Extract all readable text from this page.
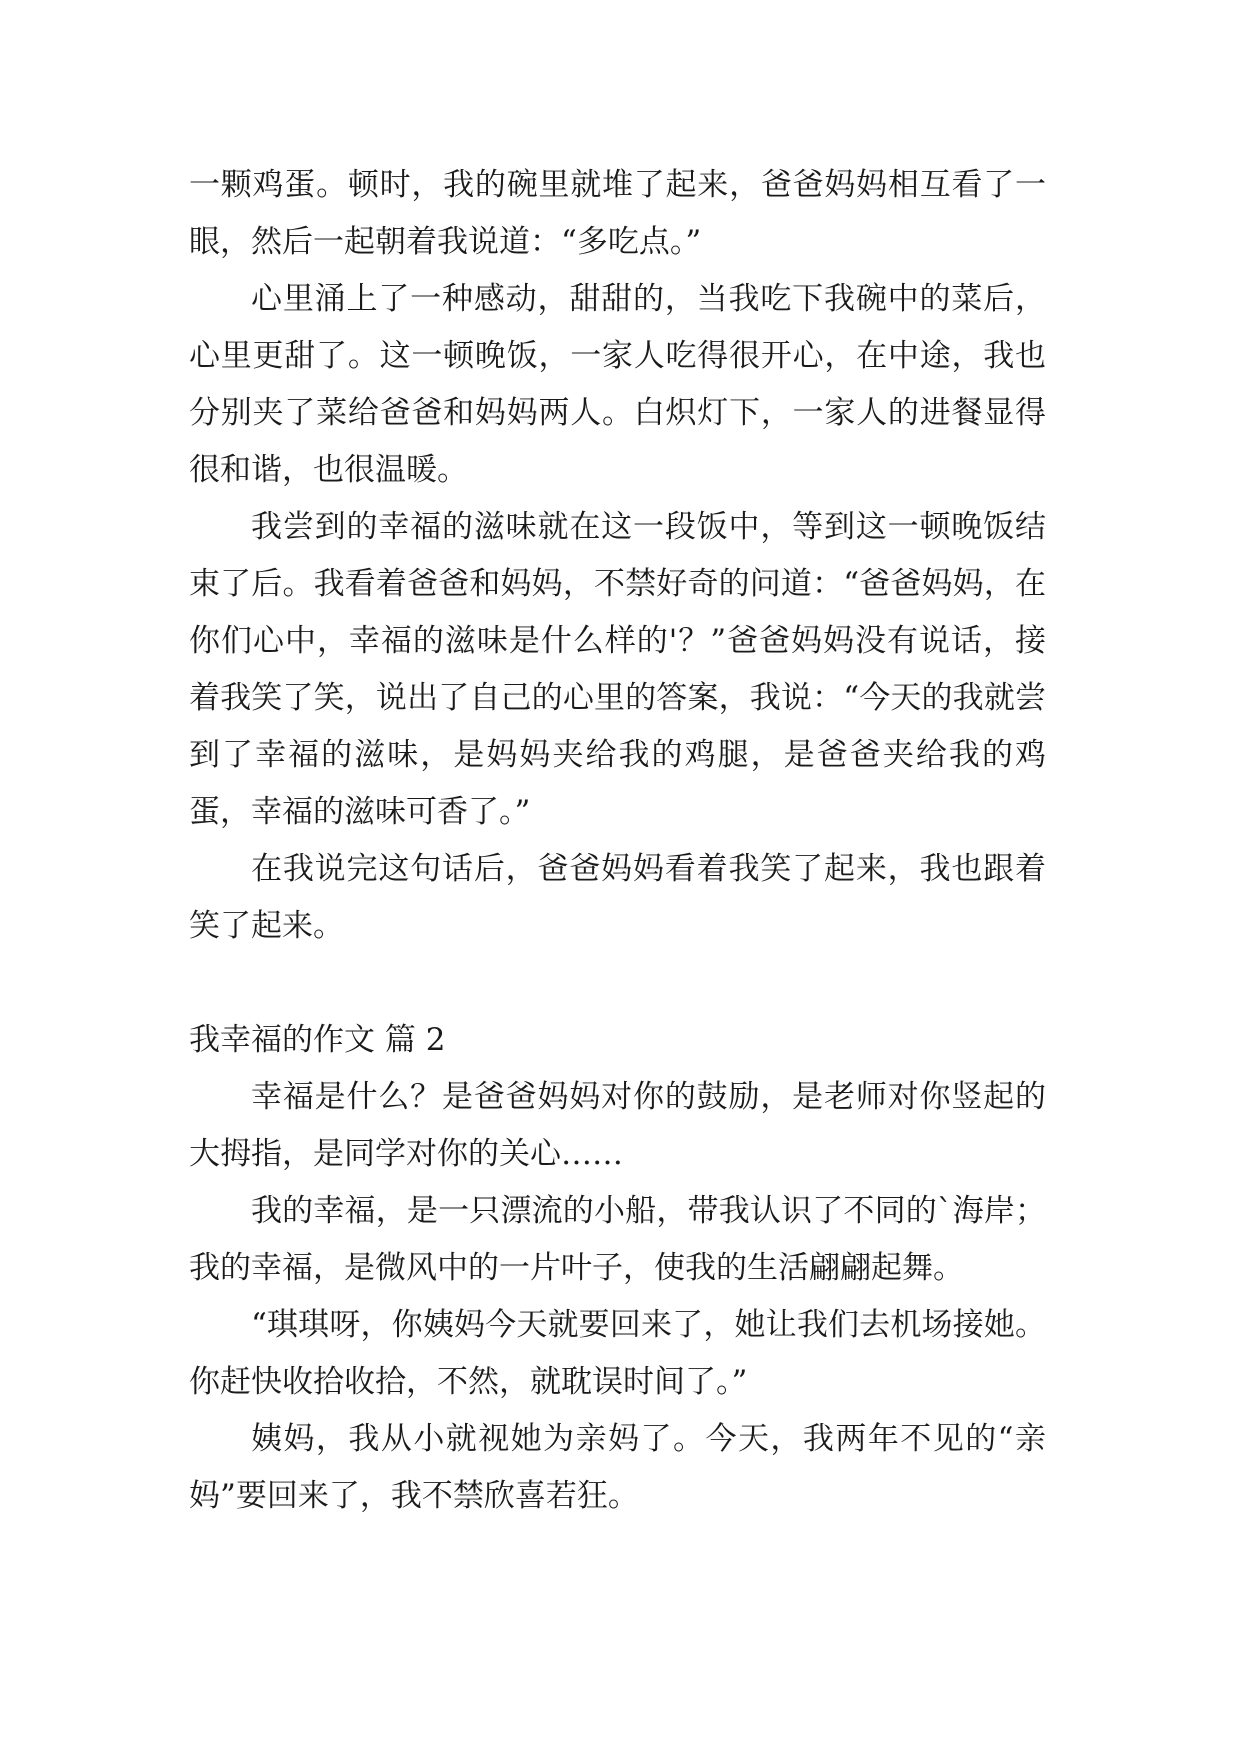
一颗鸡蛋。顿时，我的碗里就堆了起来，爸爸妈妈相互看了一眼，然后一起朝着我说道：“多吃点。”

心里涌上了一种感动，甜甜的，当我吃下我碗中的菜后，心里更甜了。这一顿晚饭，一家人吃得很开心，在中途，我也分别夹了菜给爸爸和妈妈两人。白炽灯下，一家人的进餐显得很和谐，也很温暖。

我尝到的幸福的滋味就在这一段饭中，等到这一顿晚饭结束了后。我看着爸爸和妈妈，不禁好奇的问道：“爸爸妈妈，在你们心中，幸福的滋味是什么样的'？”爸爸妈妈没有说话，接着我笑了笑，说出了自己的心里的答案，我说：“今天的我就尝到了幸福的滋味，是妈妈夹给我的鸡腿，是爸爸夹给我的鸡蛋，幸福的滋味可香了。”

在我说完这句话后，爸爸妈妈看着我笑了起来，我也跟着笑了起来。

我幸福的作文 篇 2

幸福是什么？是爸爸妈妈对你的鼓励，是老师对你竖起的大拇指，是同学对你的关心……

我的幸福，是一只漂流的小船，带我认识了不同的`海岸；我的幸福，是微风中的一片叶子，使我的生活翩翩起舞。

“琪琪呀，你姨妈今天就要回来了，她让我们去机场接她。你赶快收拾收拾，不然，就耽误时间了。”

姨妈，我从小就视她为亲妈了。今天，我两年不见的“亲妈”要回来了，我不禁欣喜若狂。
